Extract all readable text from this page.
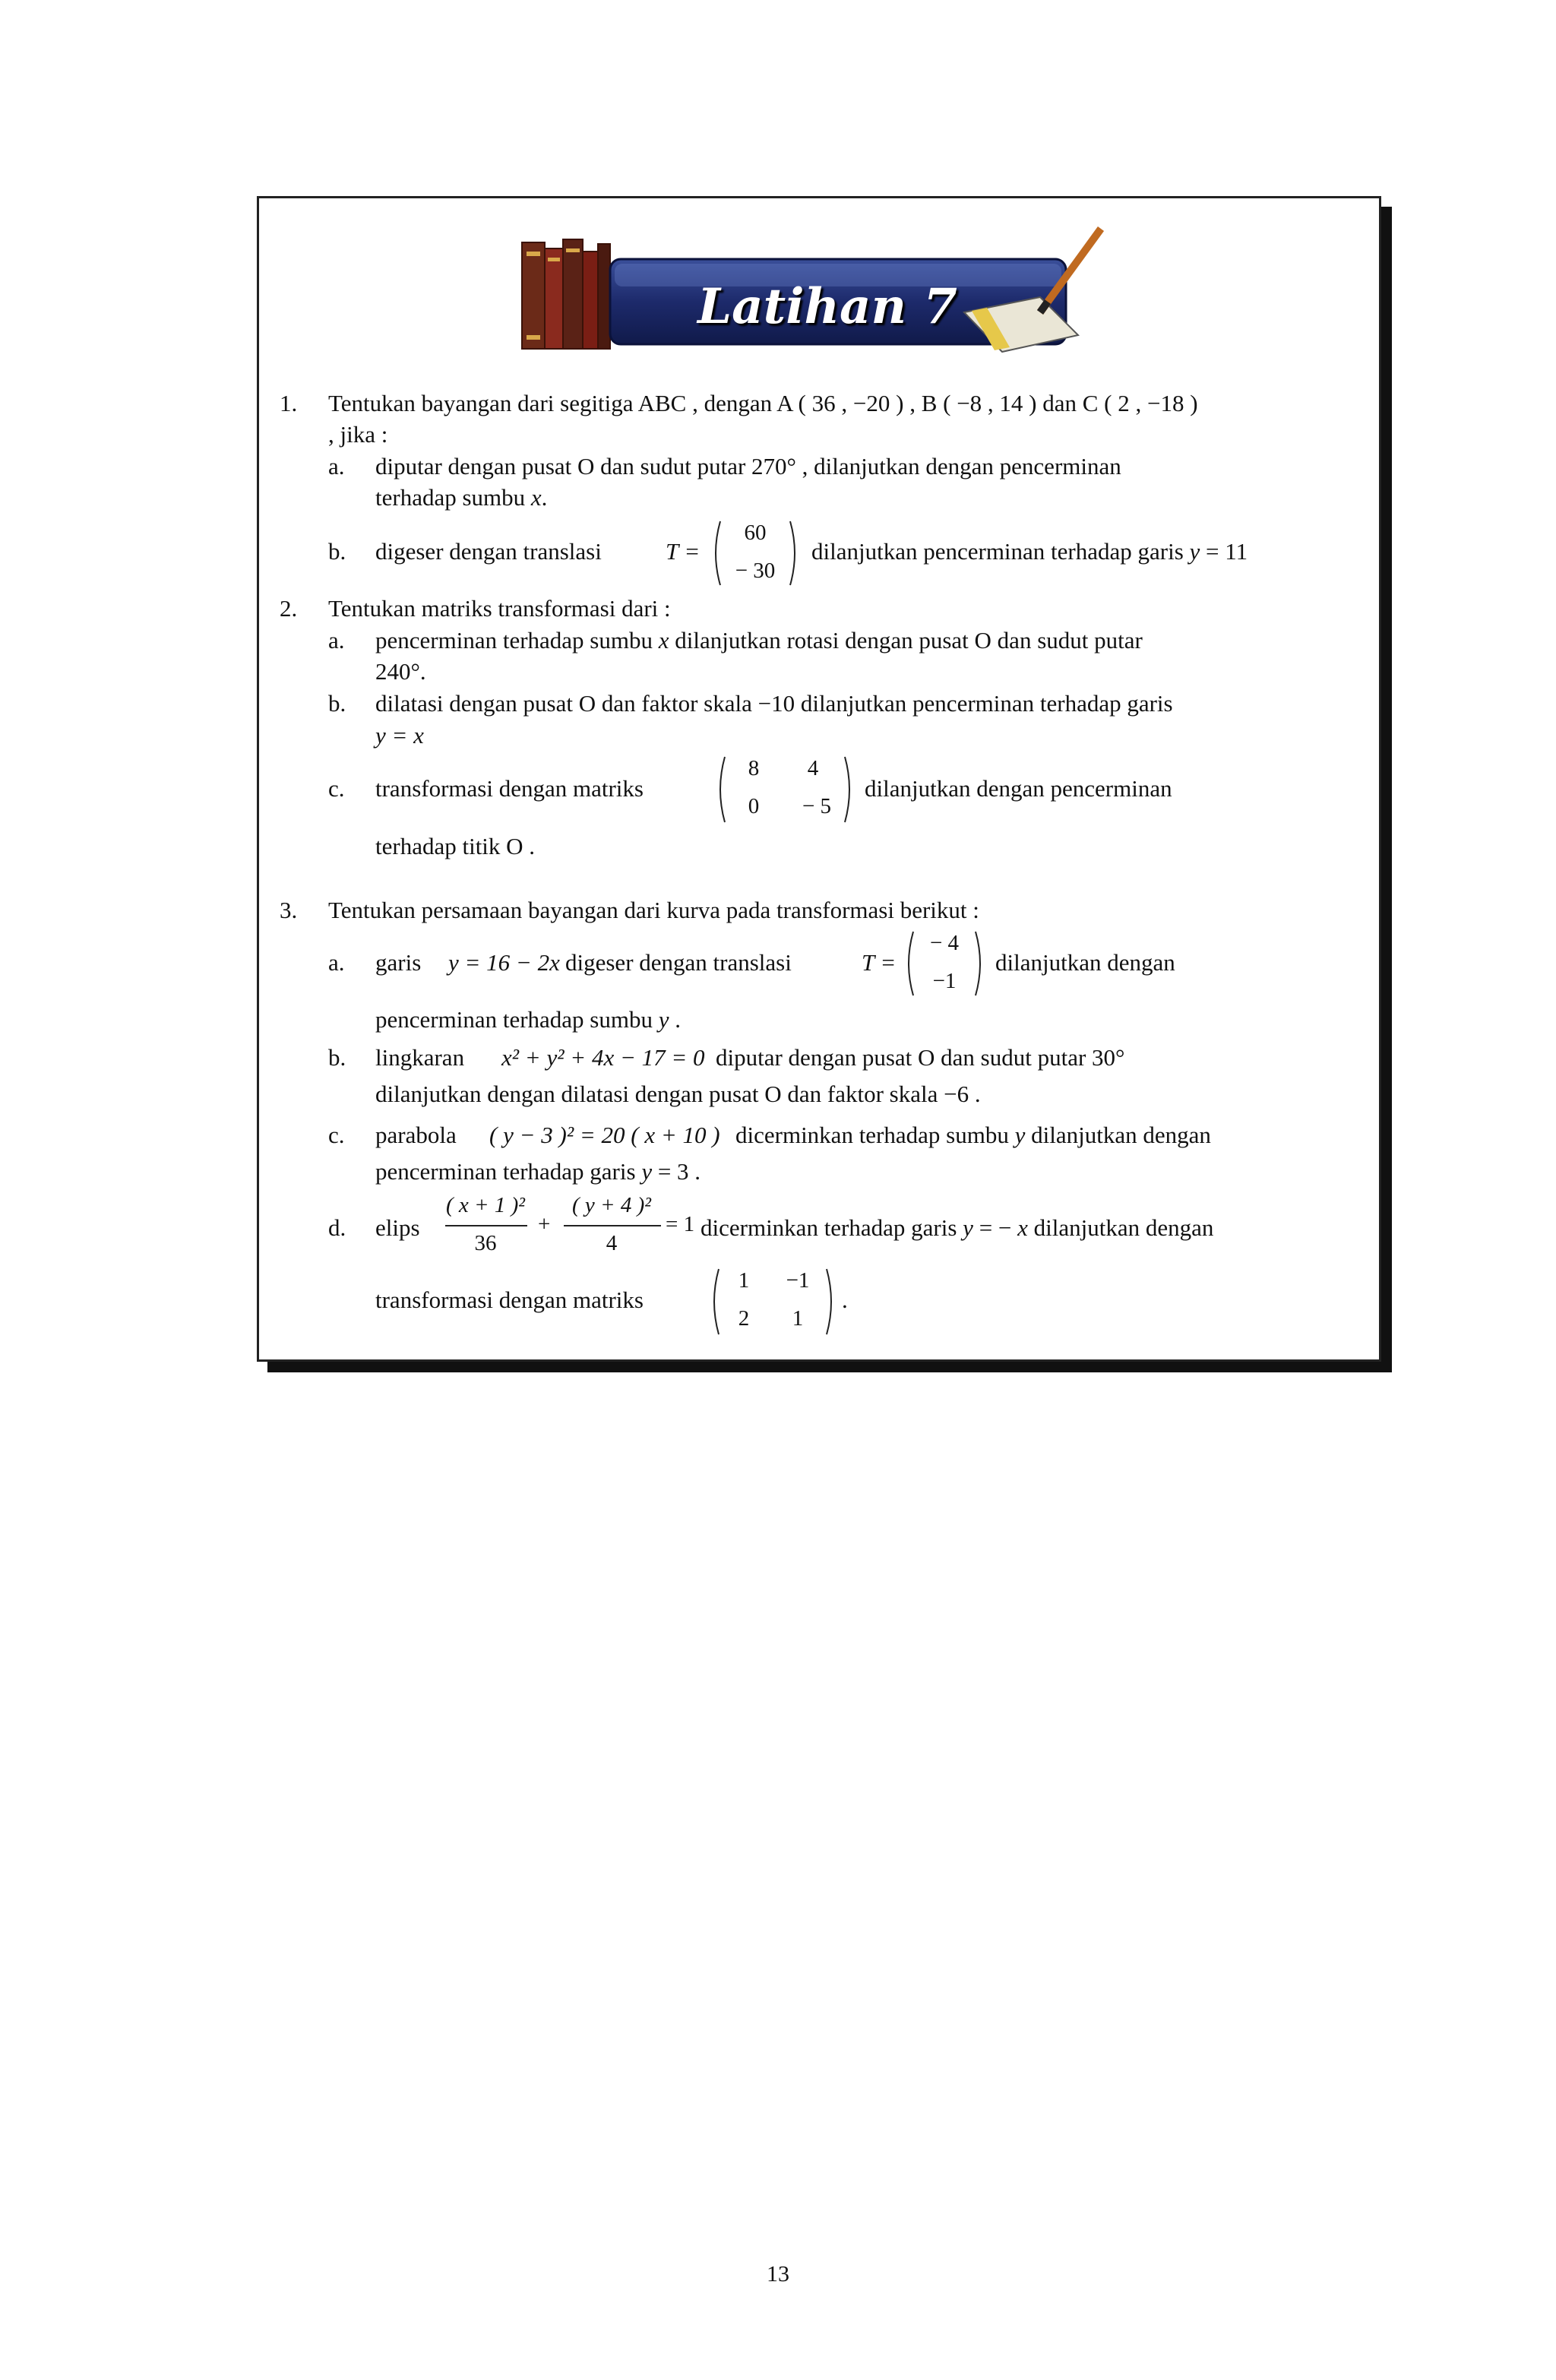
Latihan 7
1. Tentukan bayangan dari segitiga ABC , dengan A ( 36 , −20 ) , B ( −8 , 14 ) dan C ( 2 , −18 )
, jika :
a. diputar dengan pusat O dan sudut putar 270° , dilanjutkan dengan pencerminan
terhadap sumbu x.
b. digeser dengan translasi	T =
60
− 30
dilanjutkan pencerminan terhadap garis y = 11
2. Tentukan matriks transformasi dari :
a. pencerminan terhadap sumbu x dilanjutkan rotasi dengan pusat O dan sudut putar
240°.
b. dilatasi dengan pusat O dan faktor skala −10 dilanjutkan pencerminan terhadap garis
y = x
c. transformasi dengan matriks
8	4
0	− 5
dilanjutkan dengan pencerminan
terhadap titik O .
3. Tentukan persamaan bayangan dari kurva pada transformasi berikut :
a. garis y = 16 − 2x digeser dengan translasi	T =
− 4
−1
dilanjutkan dengan
pencerminan terhadap sumbu y .
b. lingkaran x² + y² + 4x − 17 = 0 diputar dengan pusat O dan sudut putar 30°
dilanjutkan dengan dilatasi dengan pusat O dan faktor skala −6 .
c. parabola ( y − 3 )² = 20 ( x + 10 ) dicerminkan terhadap sumbu y dilanjutkan dengan
pencerminan terhadap garis y = 3 .
d. elips
( x + 1 )²
36
+
( y + 4 )²
4
= 1 dicerminkan terhadap garis y = − x dilanjutkan dengan
transformasi dengan matriks
1	−1
2	1
.
13
